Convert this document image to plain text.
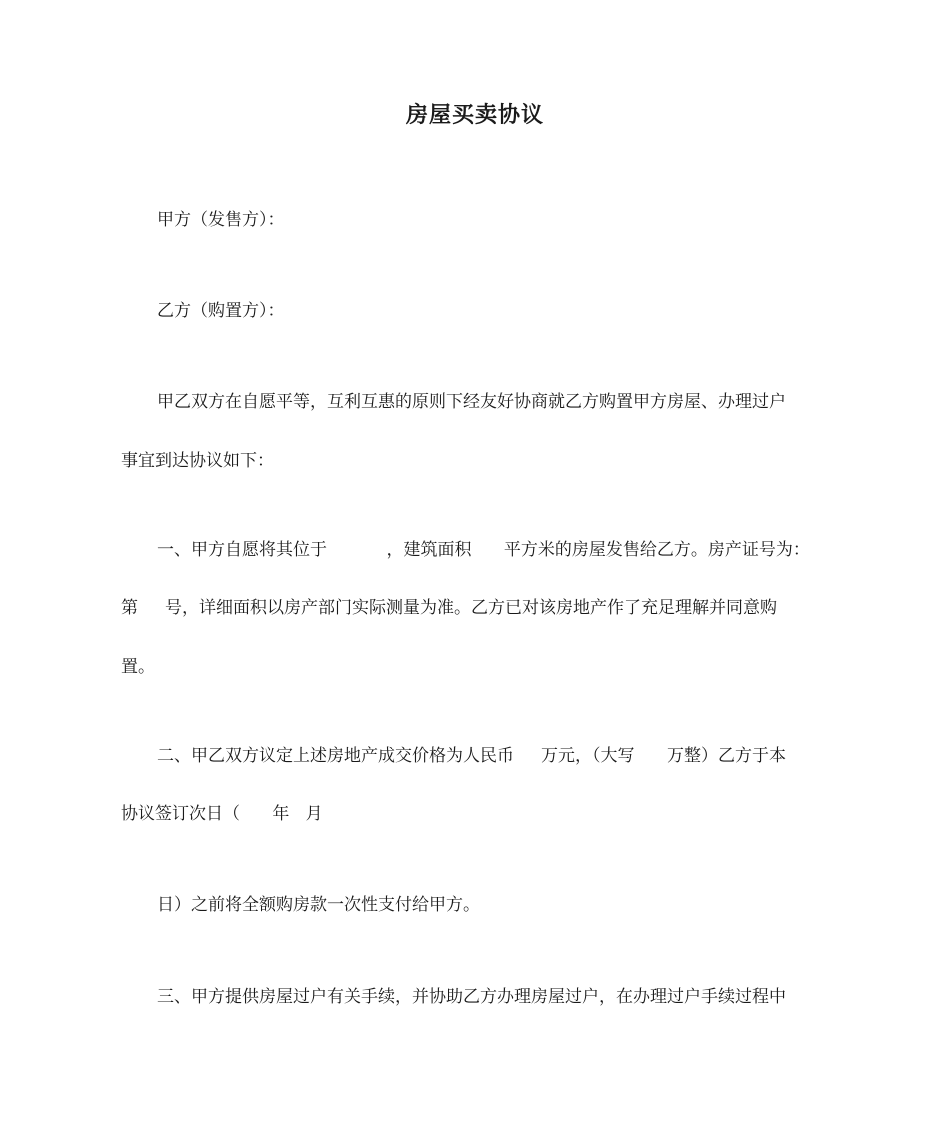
房屋买卖协议
甲方（发售方）：
乙方（购置方）：
甲乙双方在自愿平等，互利互惠的原则下经友好协商就乙方购置甲方房屋、办理过户
事宜到达协议如下：
一、甲方自愿将其位于           ，建筑面积      平方米的房屋发售给乙方。房产证号为：
第     号，详细面积以房产部门实际测量为准。乙方已对该房地产作了充足理解并同意购
置。
二、甲乙双方议定上述房地产成交价格为人民币     万元，（大写      万整）乙方于本
协议签订次日（      年   月
日）之前将全额购房款一次性支付给甲方。
三、甲方提供房屋过户有关手续，并协助乙方办理房屋过户，在办理过户手续过程中
